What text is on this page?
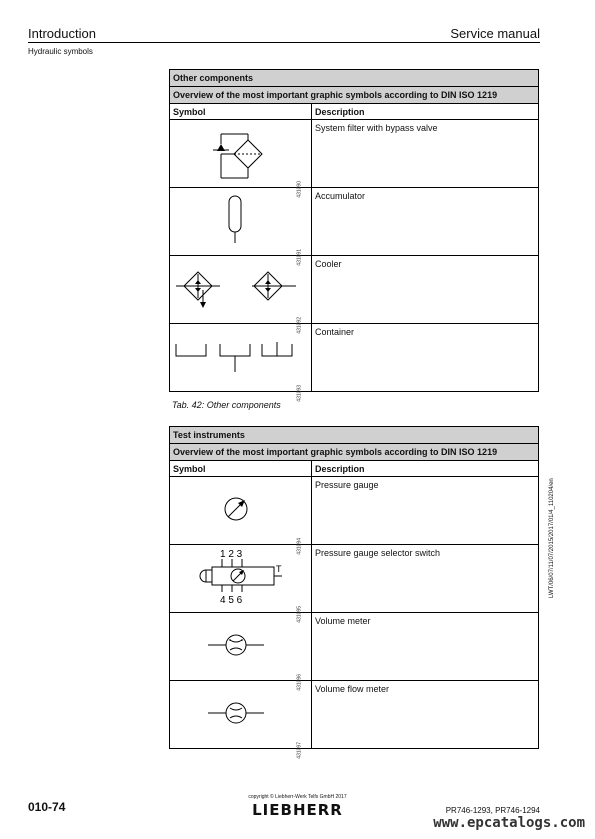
Introduction	Service manual
Hydraulic symbols
Other components	
Overview of the most important graphic symbols according to DIN ISO 1219	
Symbol	Description

431090	System filter with bypass valve

431091	Accumulator

431092	Cooler

431093	Container
Tab. 42: Other components
Test instruments	
Overview of the most important graphic symbols according to DIN ISO 1219	
Symbol	Description

431094	Pressure gauge

1 2 3
4 5 6
T
431095	Pressure gauge selector switch

431096	Volume meter

431097	Volume flow meter
LWT/06/07/11/07/2015/2017/01/4_110204/en
010-74
copyright © Liebherr-Werk Telfs GmbH 2017
LIEBHERR	PR746-1293, PR746-1294
www.epcatalogs.com
